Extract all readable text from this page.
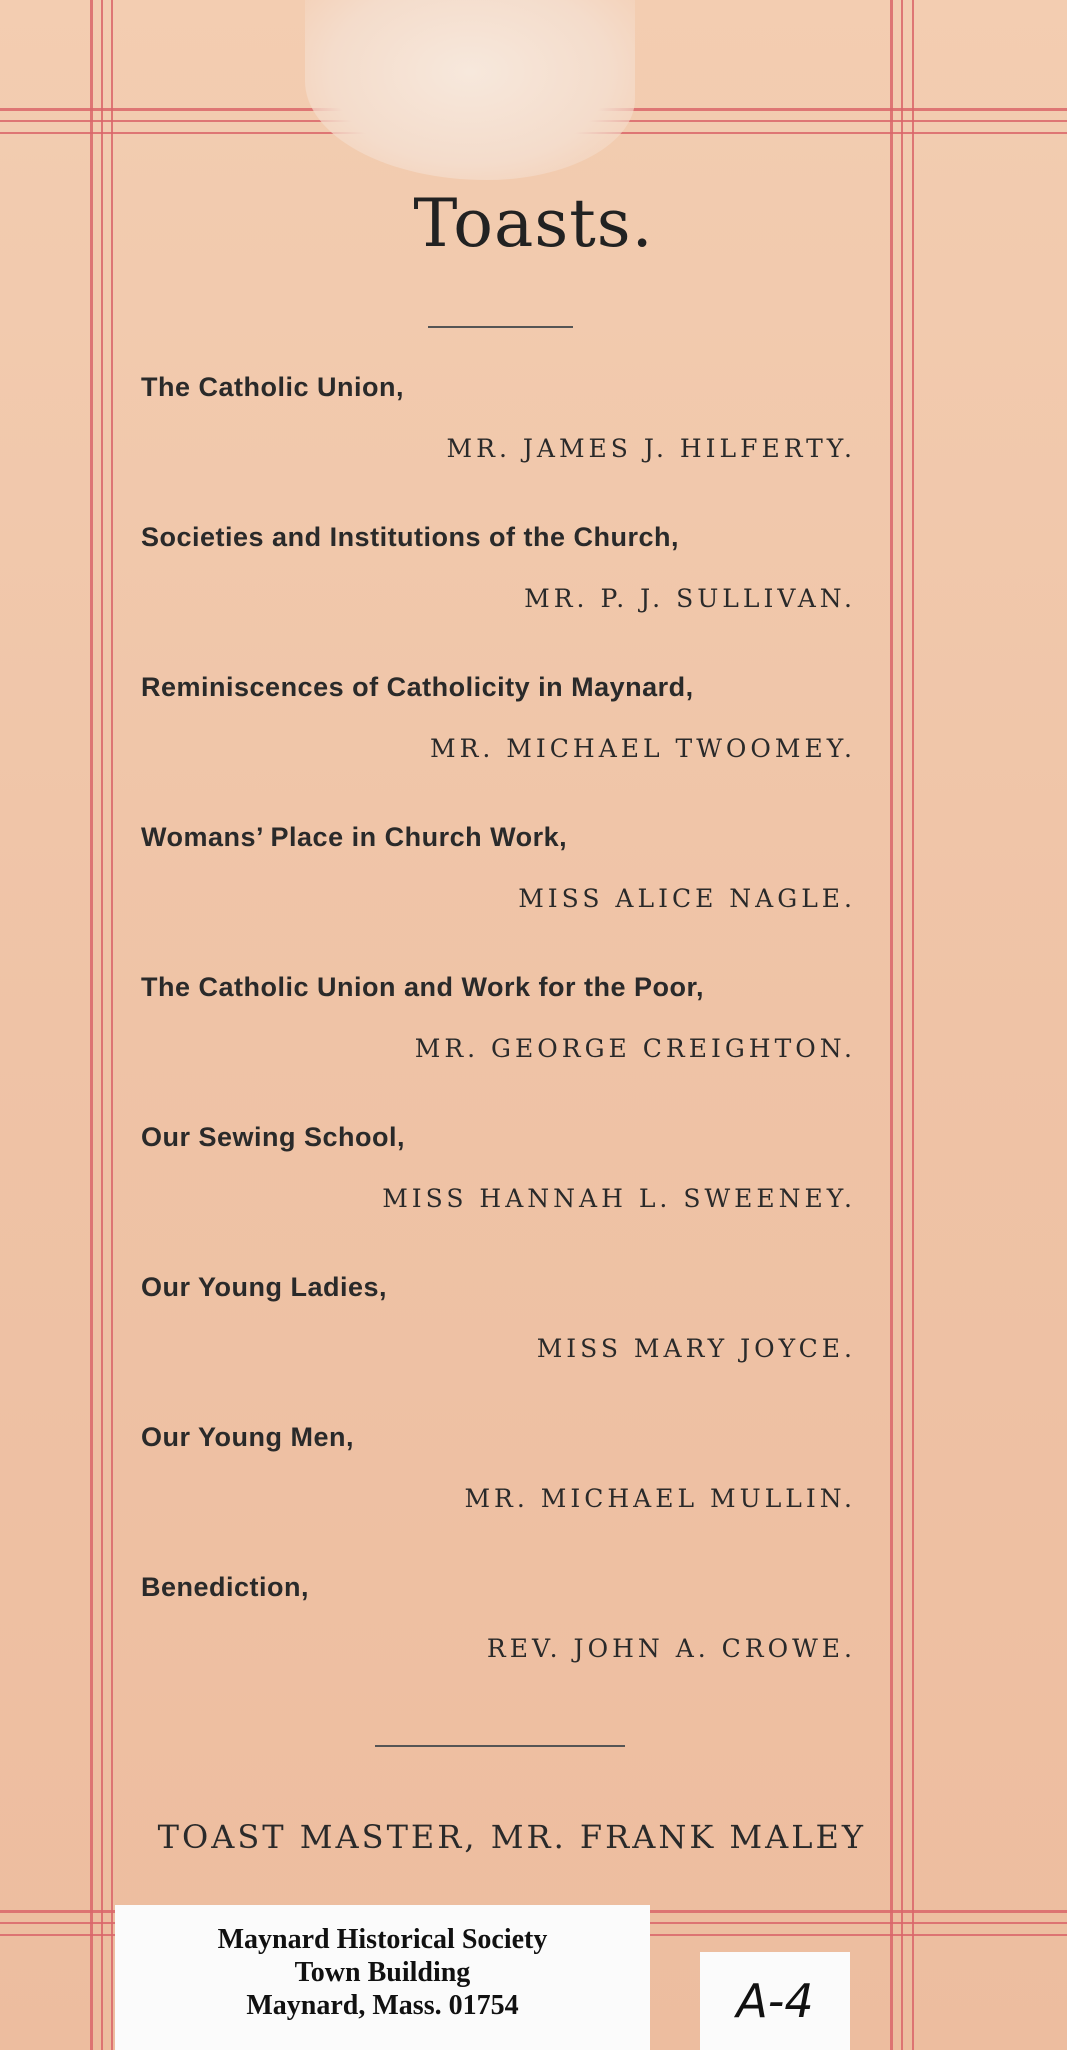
Toasts.
The Catholic Union,
MR. JAMES J. HILFERTY.
Societies and Institutions of the Church,
MR. P. J. SULLIVAN.
Reminiscences of Catholicity in Maynard,
MR. MICHAEL TWOOMEY.
Womans’ Place in Church Work,
MISS ALICE NAGLE.
The Catholic Union and Work for the Poor,
MR. GEORGE CREIGHTON.
Our Sewing School,
MISS HANNAH L. SWEENEY.
Our Young Ladies,
MISS MARY JOYCE.
Our Young Men,
MR. MICHAEL MULLIN.
Benediction,
REV. JOHN A. CROWE.
TOAST MASTER, MR. FRANK MALEY
Maynard Historical Society
Town Building
Maynard, Mass. 01754	A-4
